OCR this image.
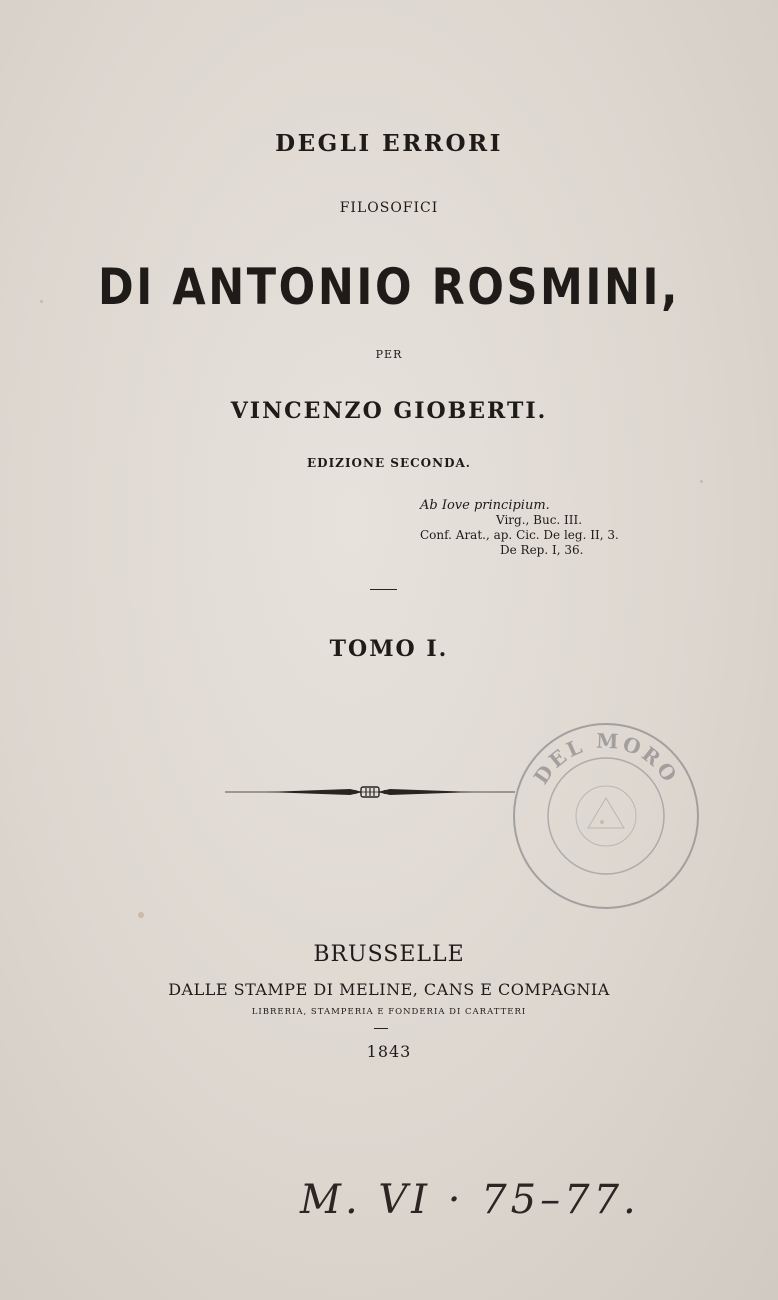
DEGLI ERRORI
FILOSOFICI
DI ANTONIO ROSMINI,
PER
VINCENZO GIOBERTI.
EDIZIONE SECONDA.
Ab Iove principium.
Virg., Buc. III.
Conf. Arat., ap. Cic. De leg. II, 3.
De Rep. I, 36.
TOMO I.
DEL MORO
BRUSSELLE
DALLE STAMPE DI MELINE, CANS E COMPAGNIA
LIBRERIA, STAMPERIA E FONDERIA DI CARATTERI
1843
M. VI · 75–77.
